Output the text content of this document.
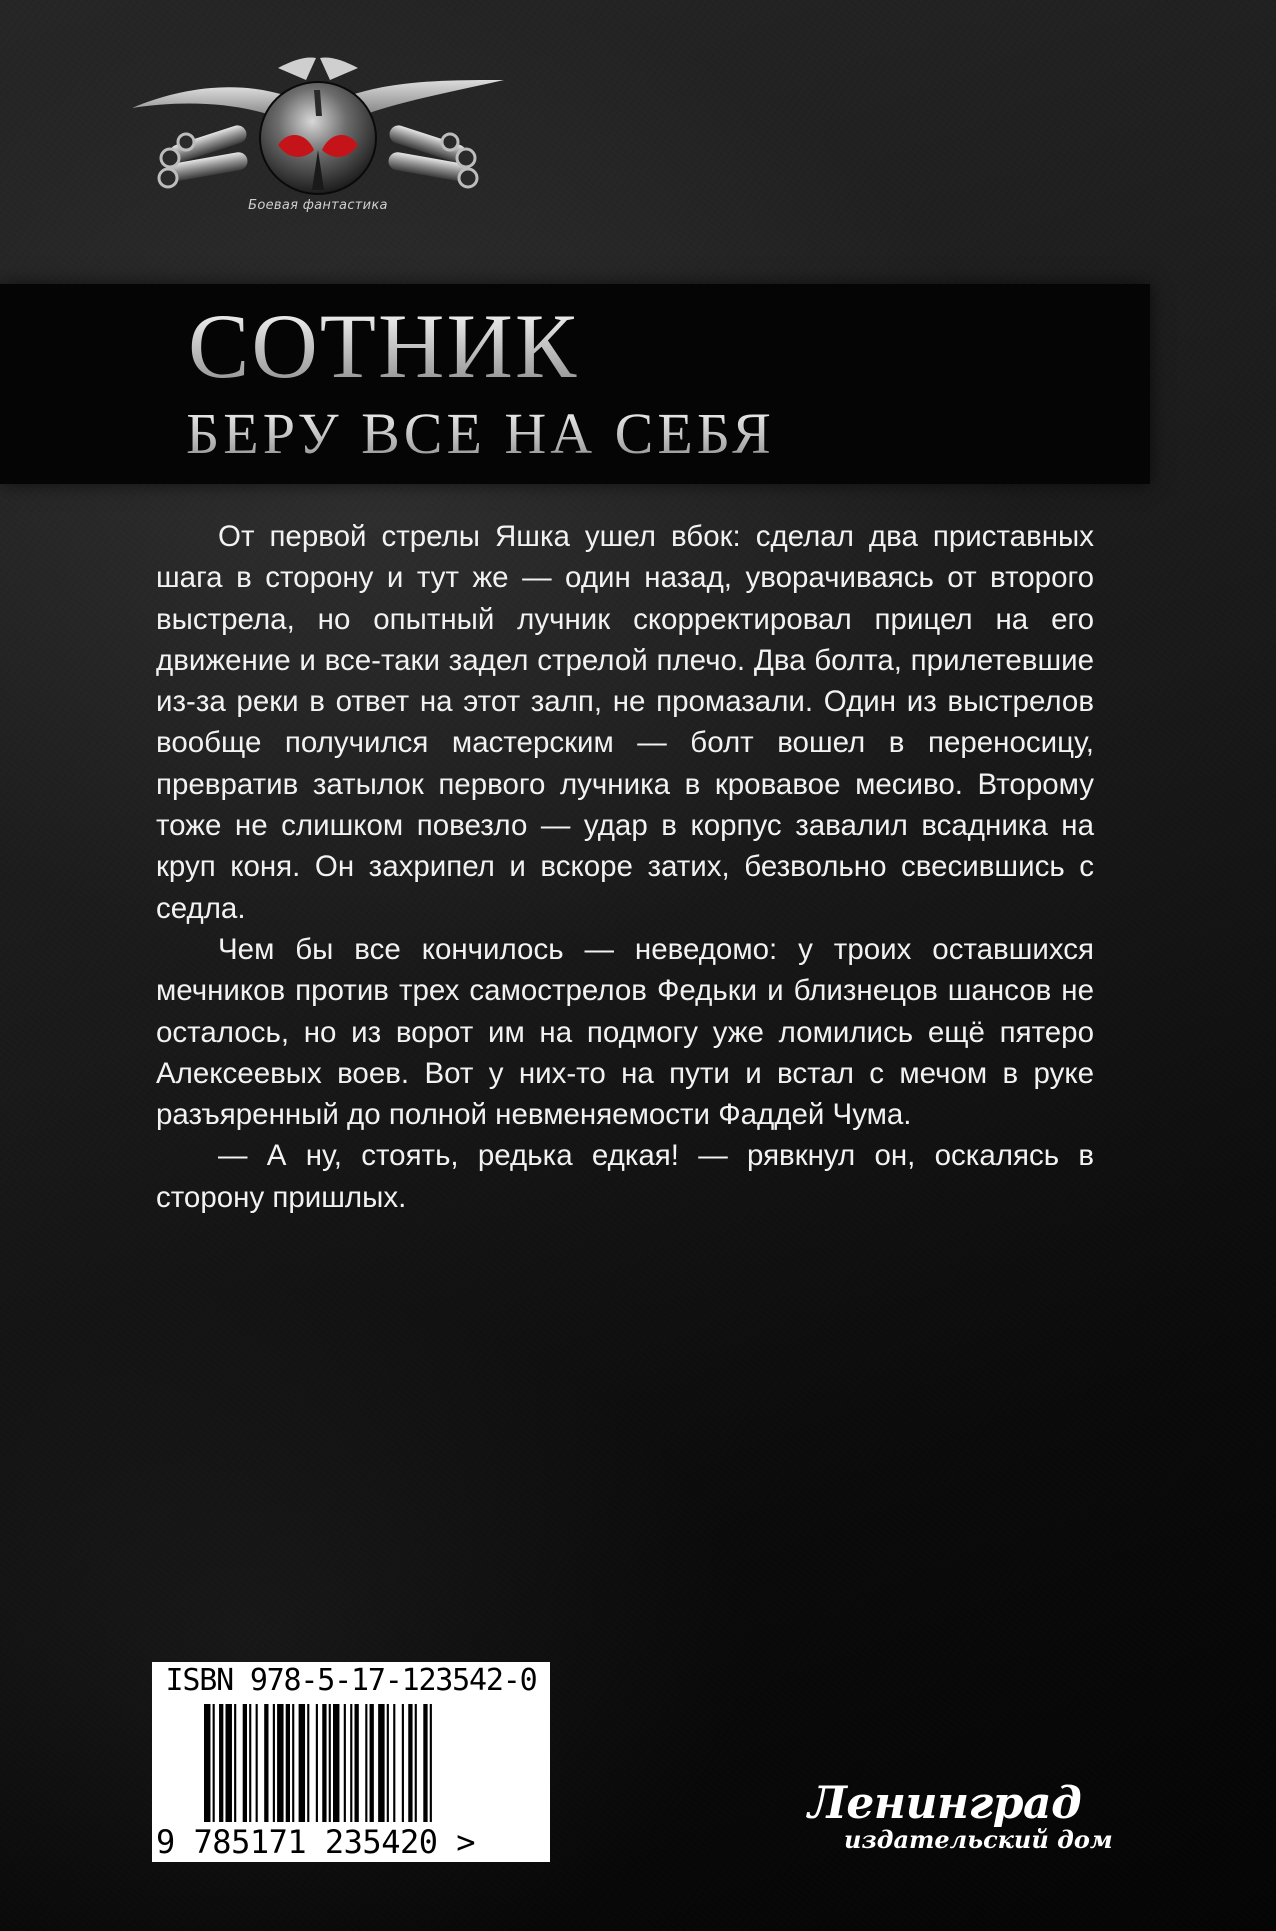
Боевая фантастика
СОТНИК
БЕРУ ВСЕ НА СЕБЯ

От первой стрелы Яшка ушел вбок: сделал два приставных шага в сторону и тут же — один назад, уворачиваясь от второго выстрела, но опытный лучник скорректировал прицел на его движение и все-таки задел стрелой плечо. Два болта, прилетевшие из-за реки в ответ на этот залп, не промазали. Один из выстрелов вообще получился мастерским — болт вошел в переносицу, превратив затылок первого лучника в кровавое месиво. Второму тоже не слишком повезло — удар в корпус завалил всадника на круп коня. Он захрипел и вскоре затих, безвольно свесившись с седла.

Чем бы все кончилось — неведомо: у троих оставшихся мечников против трех самострелов Федьки и близнецов шансов не осталось, но из ворот им на подмогу уже ломились ещё пятеро Алексеевых воев. Вот у них-то на пути и встал с мечом в руке разъяренный до полной невменяемости Фаддей Чума.

— А ну, стоять, редька едкая! — рявкнул он, оскалясь в сторону пришлых.

ISBN 978-5-17-123542-0
9 785171 235420 >
Ленинград
издательский дом
